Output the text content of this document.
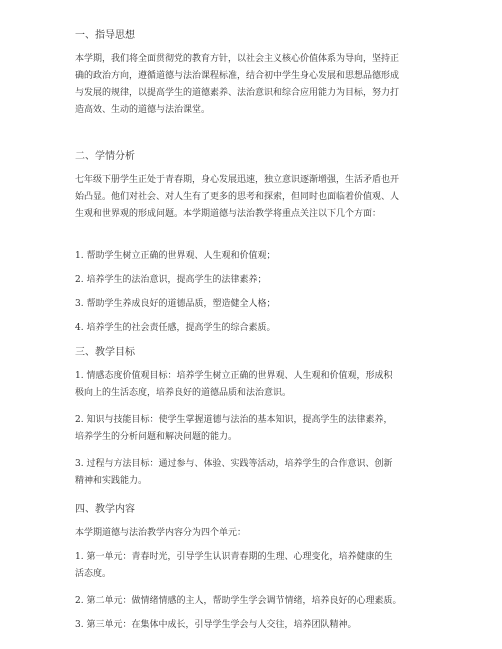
一、指导思想
本学期，我们将全面贯彻党的教育方针，以社会主义核心价值体系为导向，坚持正
确的政治方向，遵循道德与法治课程标准，结合初中学生身心发展和思想品德形成
与发展的规律，以提高学生的道德素养、法治意识和综合应用能力为目标，努力打
造高效、生动的道德与法治课堂。
二、学情分析
七年级下册学生正处于青春期，身心发展迅速，独立意识逐渐增强，生活矛盾也开
始凸显。他们对社会、对人生有了更多的思考和探索，但同时也面临着价值观、人
生观和世界观的形成问题。本学期道德与法治教学将重点关注以下几个方面：
1. 帮助学生树立正确的世界观、人生观和价值观；
2. 培养学生的法治意识，提高学生的法律素养；
3. 帮助学生养成良好的道德品质，塑造健全人格；
4. 培养学生的社会责任感，提高学生的综合素质。
三、教学目标
1. 情感态度价值观目标：培养学生树立正确的世界观、人生观和价值观，形成积
极向上的生活态度，培养良好的道德品质和法治意识。
2. 知识与技能目标：使学生掌握道德与法治的基本知识，提高学生的法律素养，
培养学生的分析问题和解决问题的能力。
3. 过程与方法目标：通过参与、体验、实践等活动，培养学生的合作意识、创新
精神和实践能力。
四、教学内容
本学期道德与法治教学内容分为四个单元：
1. 第一单元：青春时光，引导学生认识青春期的生理、心理变化，培养健康的生
活态度。
2. 第二单元：做情绪情感的主人，帮助学生学会调节情绪，培养良好的心理素质。
3. 第三单元：在集体中成长，引导学生学会与人交往，培养团队精神。
